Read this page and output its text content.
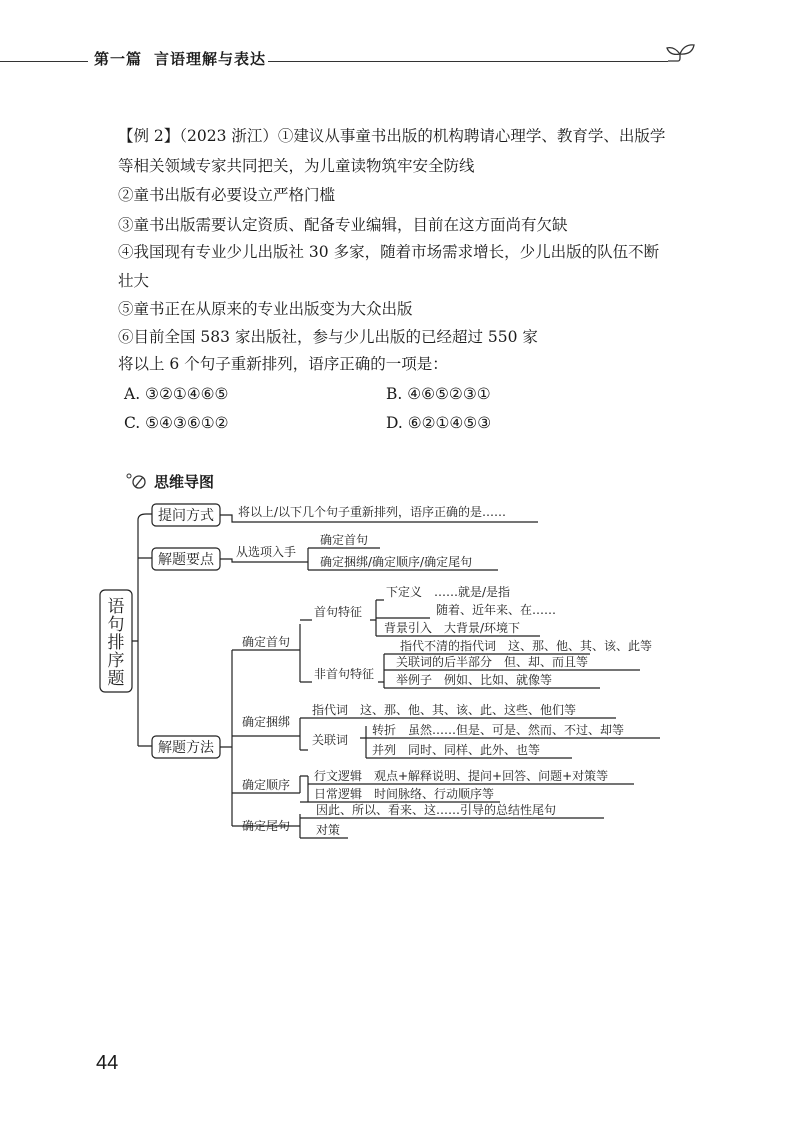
第一篇 言语理解与表达
【例 2】（2023 浙江）①建议从事童书出版的机构聘请心理学、教育学、出版学
等相关领域专家共同把关，为儿童读物筑牢安全防线
②童书出版有必要设立严格门槛
③童书出版需要认定资质、配备专业编辑，目前在这方面尚有欠缺
④我国现有专业少儿出版社 30 多家，随着市场需求增长，少儿出版的队伍不断
壮大
⑤童书正在从原来的专业出版变为大众出版
⑥目前全国 583 家出版社，参与少儿出版的已经超过 550 家
将以上 6 个句子重新排列，语序正确的一项是：
A. ③②①④⑥⑤	B. ④⑥⑤②③①
C. ⑤④③⑥①②	D. ⑥②①④⑤③
思维导图
语
句
排
序
题
提问方式
解题要点
解题方法
将以上/以下几个句子重新排列，语序正确的是……
从选项入手
确定首句
确定捆绑/确定顺序/确定尾句
确定首句
首句特征
下定义　……就是/是指
随着、近年来、在……
背景引入　大背景/环境下
非首句特征
指代不清的指代词　这、那、他、其、该、此等
关联词的后半部分　但、却、而且等
举例子　例如、比如、就像等
确定捆绑
指代词　这、那、他、其、该、此、这些、他们等
关联词
转折　虽然……但是、可是、然而、不过、却等
并列　同时、同样、此外、也等
确定顺序
行文逻辑　观点+解释说明、提问+回答、问题+对策等
日常逻辑　时间脉络、行动顺序等
确定尾句
因此、所以、看来、这……引导的总结性尾句
对策
44
